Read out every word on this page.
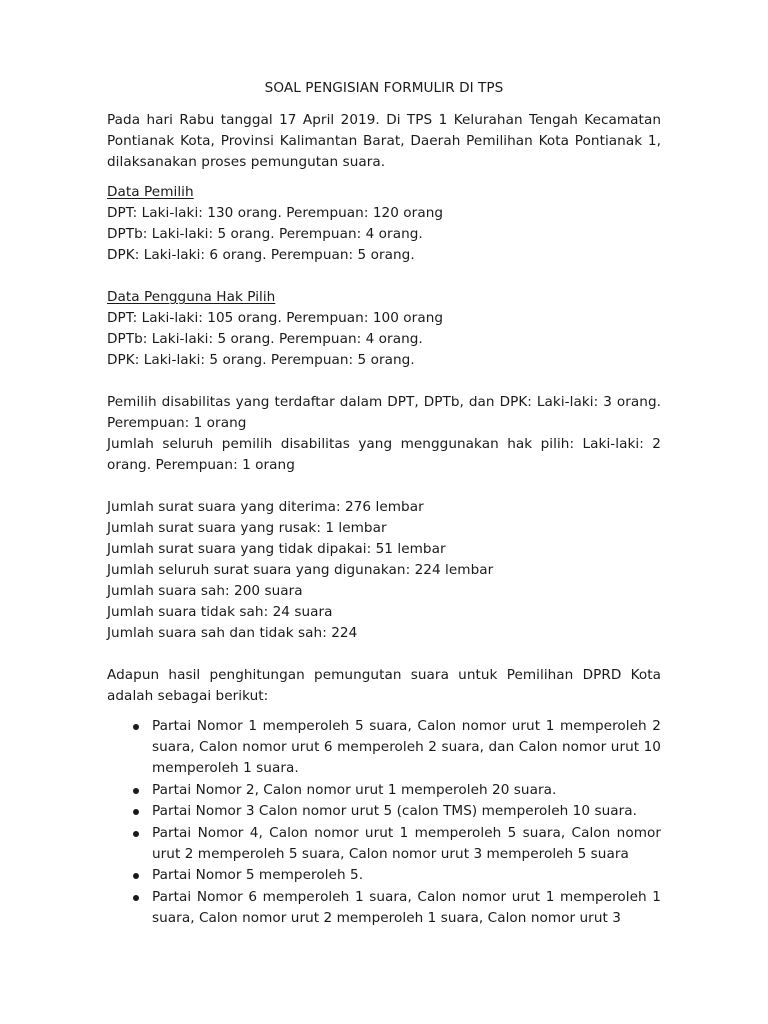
SOAL PENGISIAN FORMULIR DI TPS

Pada hari Rabu tanggal 17 April 2019. Di TPS 1 Kelurahan Tengah Kecamatan Pontianak Kota, Provinsi Kalimantan Barat, Daerah Pemilihan Kota Pontianak 1, dilaksanakan proses pemungutan suara.

Data Pemilih

DPT: Laki-laki: 130 orang. Perempuan: 120 orang

DPTb: Laki-laki: 5 orang. Perempuan: 4 orang.

DPK: Laki-laki: 6 orang. Perempuan: 5 orang.

Data Pengguna Hak Pilih

DPT: Laki-laki: 105 orang. Perempuan: 100 orang

DPTb: Laki-laki: 5 orang. Perempuan: 4 orang.

DPK: Laki-laki: 5 orang. Perempuan: 5 orang.

Pemilih disabilitas yang terdaftar dalam DPT, DPTb, dan DPK: Laki-laki: 3 orang. Perempuan: 1 orang

Jumlah seluruh pemilih disabilitas yang menggunakan hak pilih: Laki-laki: 2 orang. Perempuan: 1 orang

Jumlah surat suara yang diterima: 276 lembar

Jumlah surat suara yang rusak: 1 lembar

Jumlah surat suara yang tidak dipakai: 51 lembar

Jumlah seluruh surat suara yang digunakan: 224 lembar

Jumlah suara sah: 200 suara

Jumlah suara tidak sah: 24 suara

Jumlah suara sah dan tidak sah: 224

Adapun hasil penghitungan pemungutan suara untuk Pemilihan DPRD Kota adalah sebagai berikut:

Partai Nomor 1 memperoleh 5 suara, Calon nomor urut 1 memperoleh 2 suara, Calon nomor urut 6 memperoleh 2 suara, dan Calon nomor urut 10 memperoleh 1 suara.
Partai Nomor 2, Calon nomor urut 1 memperoleh 20 suara.
Partai Nomor 3 Calon nomor urut 5 (calon TMS) memperoleh 10 suara.
Partai Nomor 4, Calon nomor urut 1 memperoleh 5 suara, Calon nomor urut 2 memperoleh 5 suara, Calon nomor urut 3 memperoleh 5 suara
Partai Nomor 5 memperoleh 5.
Partai Nomor 6 memperoleh 1 suara, Calon nomor urut 1 memperoleh 1 suara, Calon nomor urut 2 memperoleh 1 suara, Calon nomor urut 3
